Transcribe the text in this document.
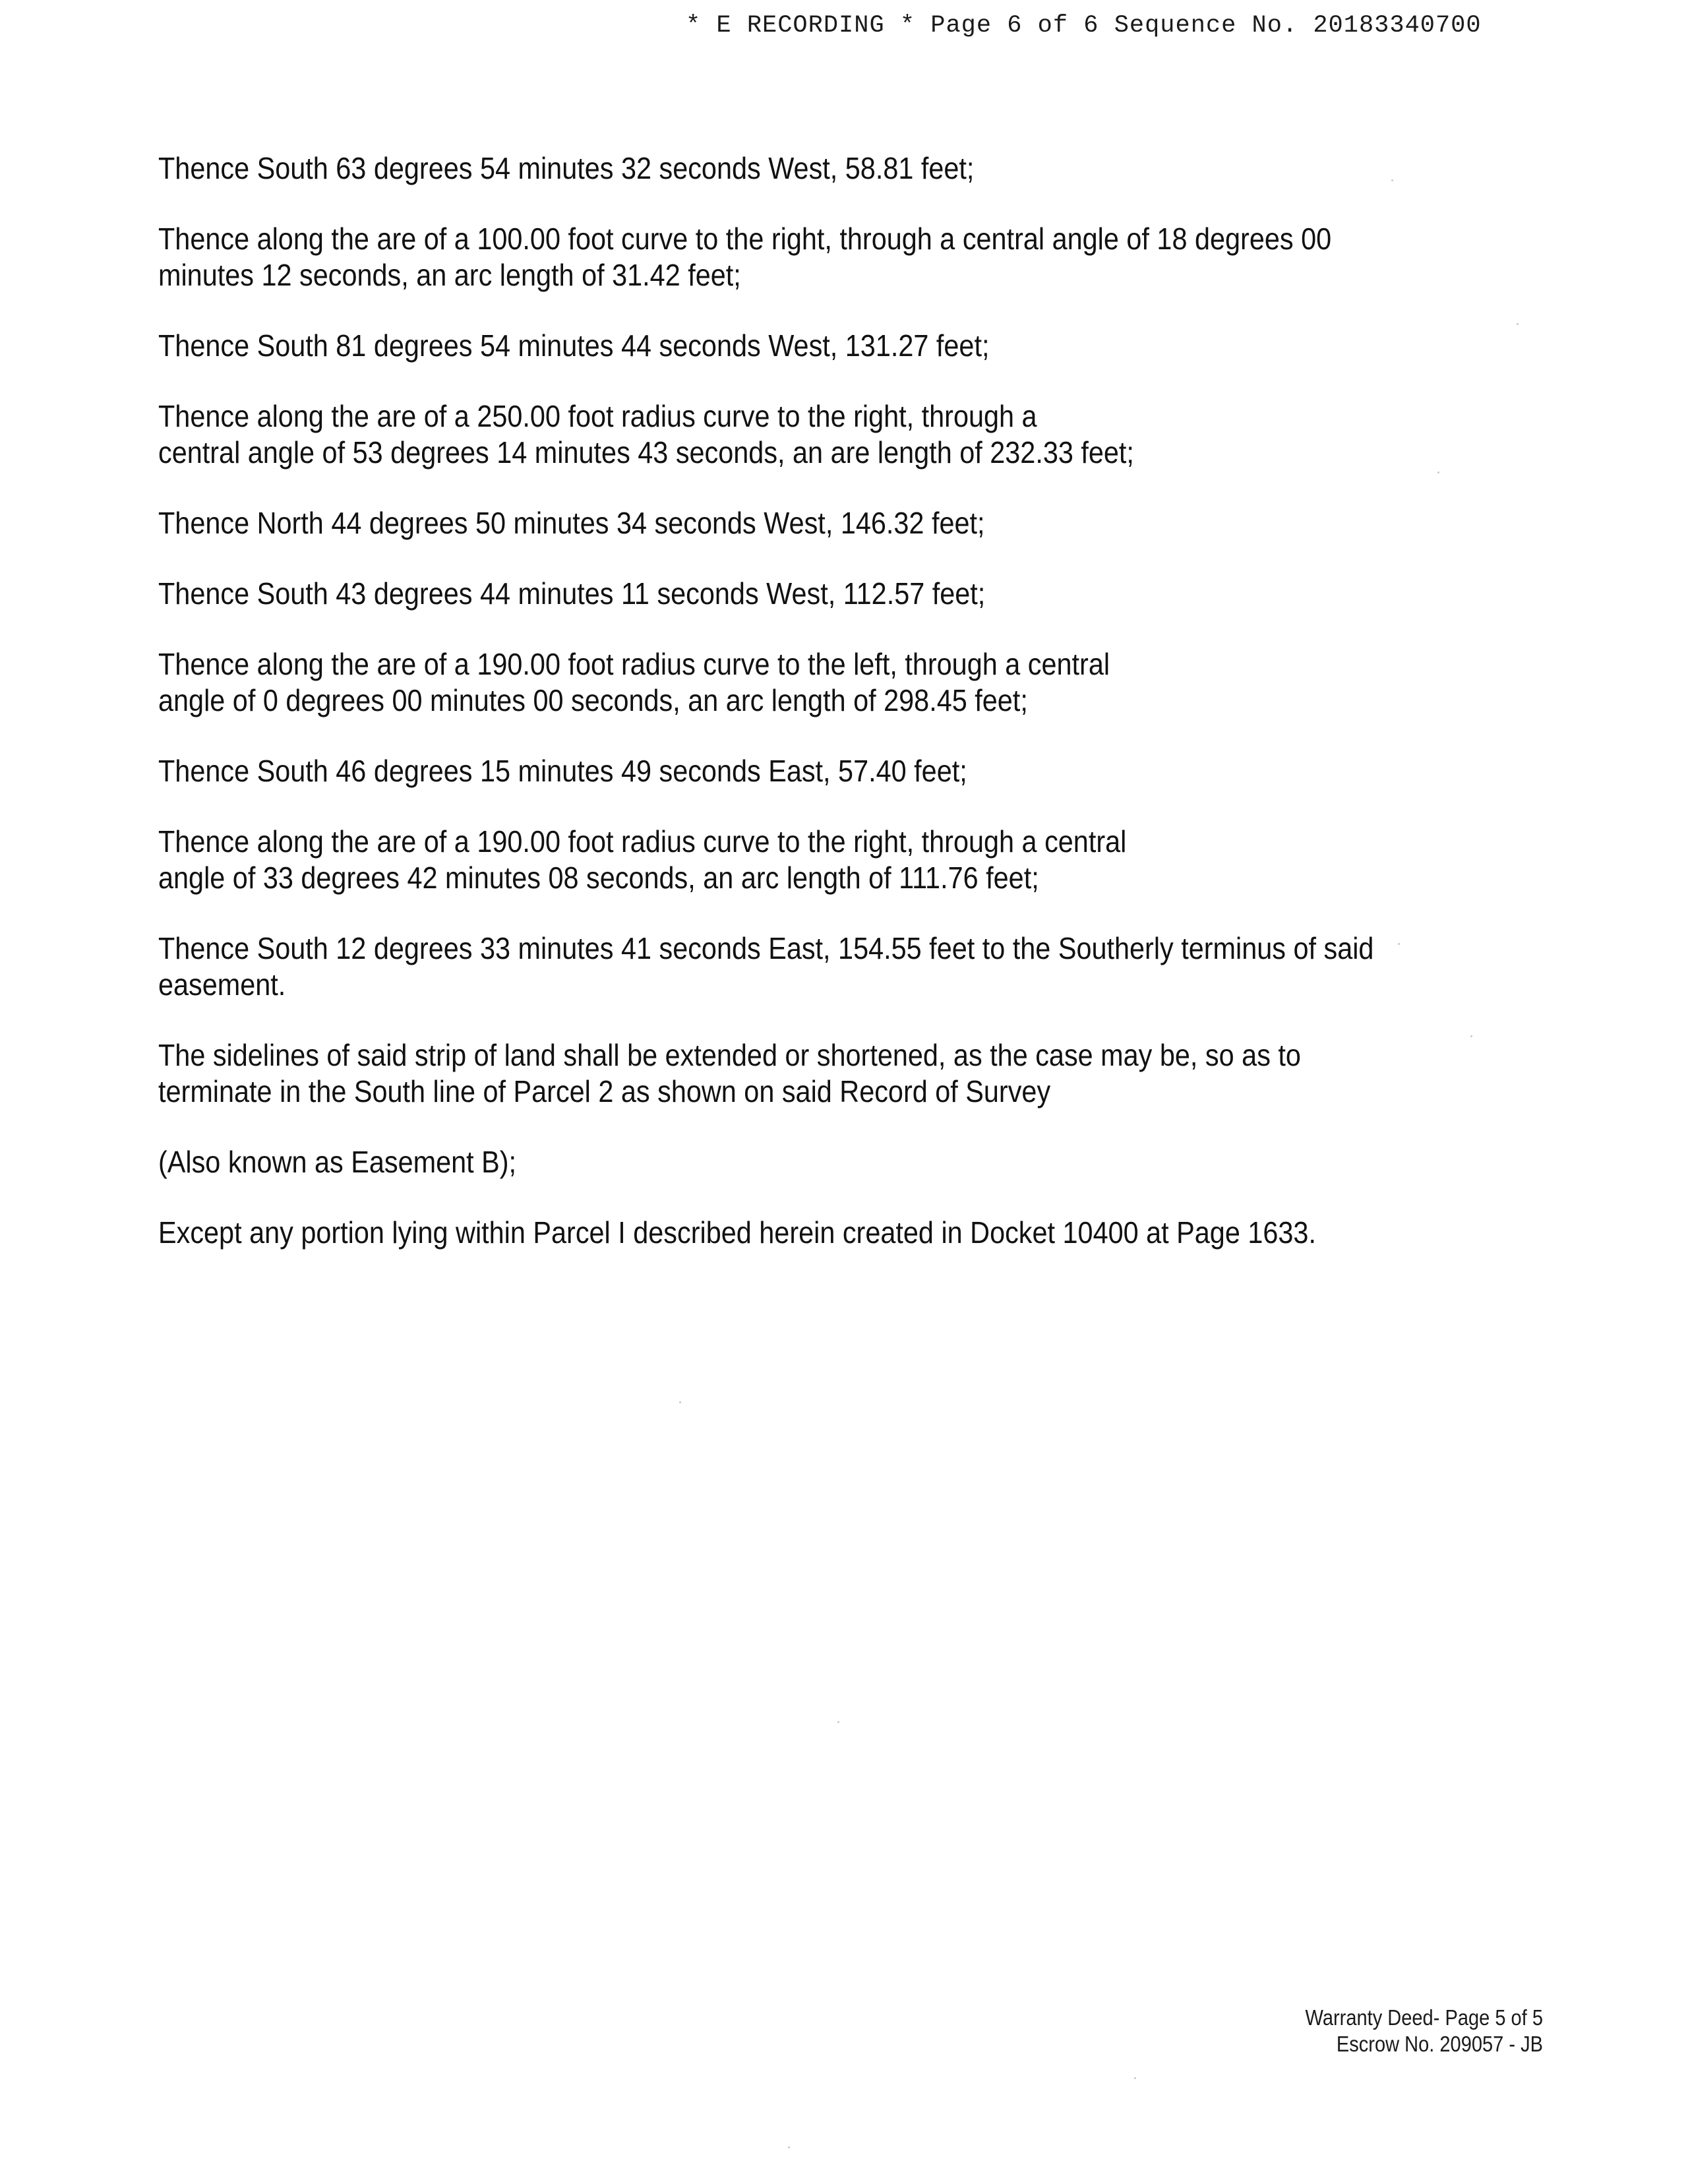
* E RECORDING * Page 6 of 6 Sequence No. 20183340700

Thence South 63 degrees 54 minutes 32 seconds West, 58.81 feet;

Thence along the are of a 100.00 foot curve to the right, through a central angle of 18 degrees 00
minutes 12 seconds, an arc length of 31.42 feet;

Thence South 81 degrees 54 minutes 44 seconds West, 131.27 feet;

Thence along the are of a 250.00 foot radius curve to the right, through a
central angle of 53 degrees 14 minutes 43 seconds, an are length of 232.33 feet;

Thence North 44 degrees 50 minutes 34 seconds West, 146.32 feet;

Thence South 43 degrees 44 minutes 11 seconds West, 112.57 feet;

Thence along the are of a 190.00 foot radius curve to the left, through a central
angle of 0 degrees 00 minutes 00 seconds, an arc length of 298.45 feet;

Thence South 46 degrees 15 minutes 49 seconds East, 57.40 feet;

Thence along the are of a 190.00 foot radius curve to the right, through a central
angle of 33 degrees 42 minutes 08 seconds, an arc length of 111.76 feet;

Thence South 12 degrees 33 minutes 41 seconds East, 154.55 feet to the Southerly terminus of said
easement.

The sidelines of said strip of land shall be extended or shortened, as the case may be, so as to
terminate in the South line of Parcel 2 as shown on said Record of Survey

(Also known as Easement B);

Except any portion lying within Parcel I described herein created in Docket 10400 at Page 1633.

Warranty Deed- Page 5 of 5
Escrow No. 209057 - JB
